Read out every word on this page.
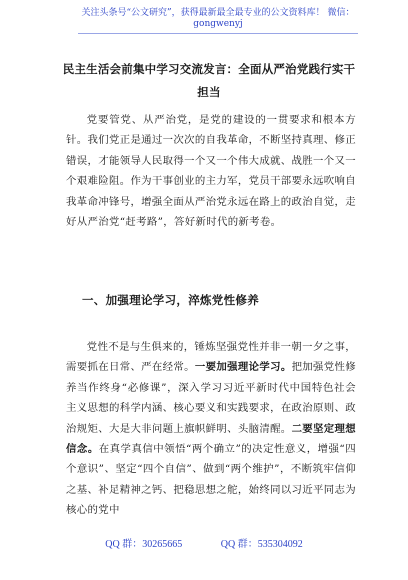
关注头条号“公文研究”，获得最新最全最专业的公文资料库！ 微信：gongwenyj
民主生活会前集中学习交流发言：全面从严治党践行实干
担当

党要管党、从严治党，是党的建设的一贯要求和根本方针。我们党正是通过一次次的自我革命，不断坚持真理、修正错误，才能领导人民取得一个又一个伟大成就、战胜一个又一个艰难险阻。作为干事创业的主力军，党员干部要永远吹响自我革命冲锋号，增强全面从严治党永远在路上的政治自觉，走好从严治党“赶考路”，答好新时代的新考卷。

一、加强理论学习，淬炼党性修养

党性不是与生俱来的，锤炼坚强党性并非一朝一夕之事，需要抓在日常、严在经常。一要加强理论学习。把加强党性修养当作终身“必修课”，深入学习习近平新时代中国特色社会主义思想的科学内涵、核心要义和实践要求，在政治原则、政治规矩、大是大非问题上旗帜鲜明、头脑清醒。二要坚定理想信念。在真学真信中领悟“两个确立”的决定性意义，增强“四个意识”、坚定“四个自信”、做到“两个维护”，不断筑牢信仰之基、补足精神之钙、把稳思想之舵，始终同以习近平同志为核心的党中

QQ 群：30265665	QQ 群：535304092
